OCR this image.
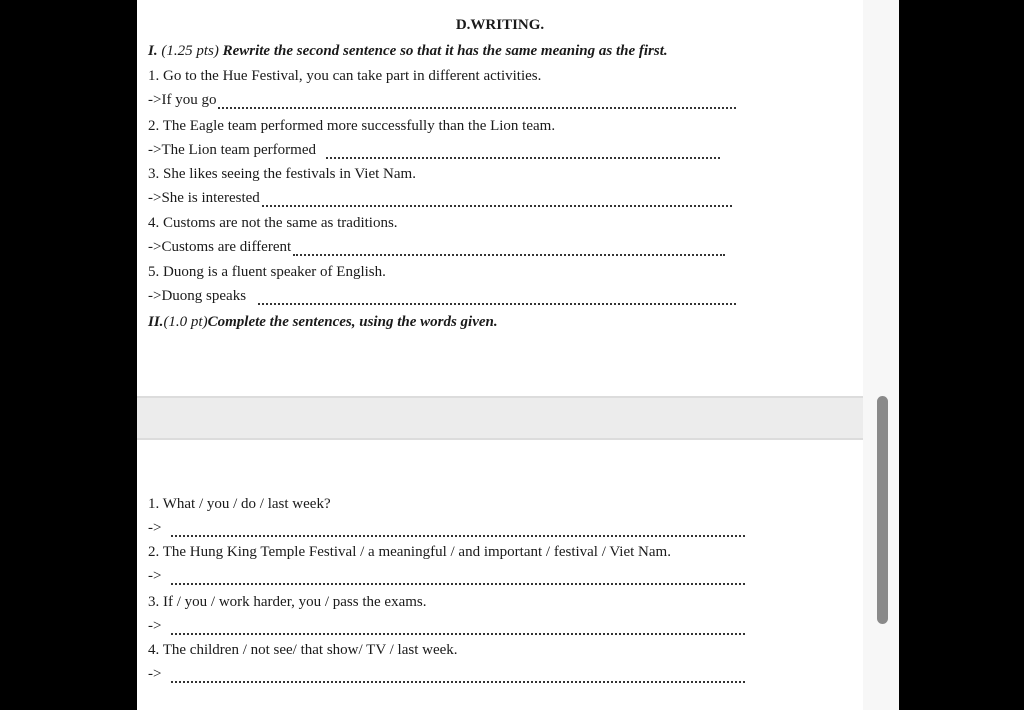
D.WRITING.
I. (1.25 pts) Rewrite the second sentence so that it has the same meaning as the first.
1. Go to the Hue Festival, you can take part in different activities.
->If you go
2. The Eagle team performed more successfully than the Lion team.
->The Lion team performed
3. She likes seeing the festivals in Viet Nam.
->She is interested
4. Customs are not the same as traditions.
->Customs are different
5. Duong is a fluent speaker of English.
->Duong speaks
II.(1.0 pt)Complete the sentences, using the words given.
1. What / you / do / last week?
->
2. The Hung King Temple Festival / a meaningful / and important / festival / Viet Nam.
->
3. If / you / work harder, you / pass the exams.
->
4. The children / not see/ that show/ TV / last week.
->
